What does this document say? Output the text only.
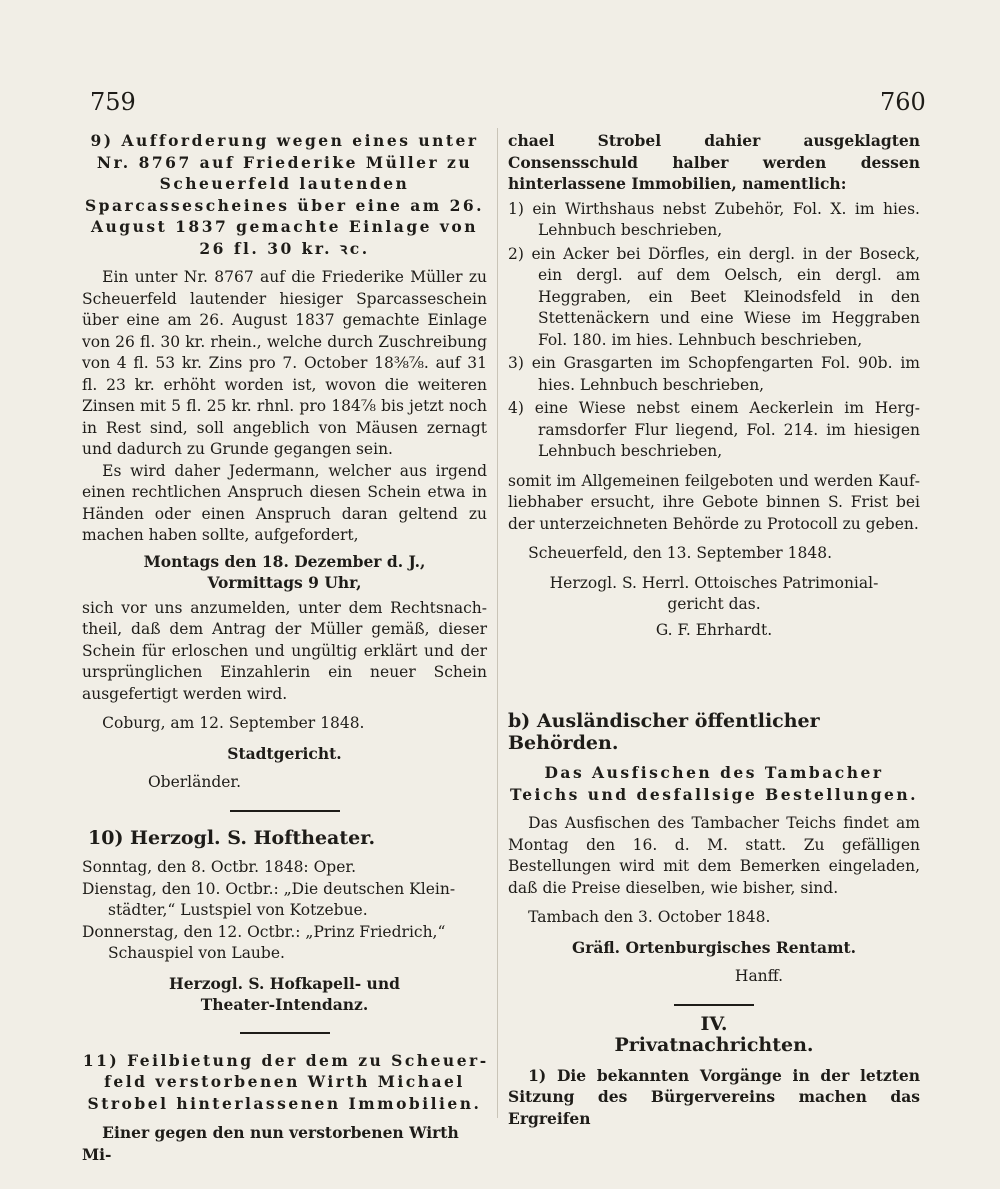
759	760

9) Aufforderung wegen eines unter Nr. 8767 auf Friederike Müller zu Scheuerfeld lautenden Sparcassescheines über eine am 26. August 1837 gemachte Einlage von 26 fl. 30 kr. ꝛc.

Ein unter Nr. 8767 auf die Friederike Müller zu Scheuerfeld lautender hiesiger Sparcasseschein über eine am 26. August 1837 gemachte Einlage von 26 fl. 30 kr. rhein., welche durch Zuschreibung von 4 fl. 53 kr. Zins pro 7. October 18⅜⅞. auf 31 fl. 23 kr. erhöht worden ist, wovon die weiteren Zinsen mit 5 fl. 25 kr. rhnl. pro 184⅞ bis jetzt noch in Rest sind, soll angeblich von Mäusen zernagt und dadurch zu Grunde gegangen sein.

Es wird daher Jedermann, welcher aus irgend einen rechtlichen Anspruch diesen Schein etwa in Händen oder einen Anspruch daran geltend zu machen haben sollte, aufgefordert,

Montags den 18. Dezember d. J.,

Vormittags 9 Uhr,

sich vor uns anzumelden, unter dem Rechtsnachtheil, daß dem Antrag der Müller gemäß, dieser Schein für erloschen und ungültig erklärt und der ursprünglichen Einzahlerin ein neuer Schein ausgefertigt werden wird.

Coburg, am 12. September 1848.

Stadtgericht.

Oberländer.

10) Herzogl. S. Hoftheater.

Sonntag, den 8. Octbr. 1848: Oper.

Dienstag, den 10. Octbr.: „Die deutschen Kleinstädter,“ Lustspiel von Kotzebue.

Donnerstag, den 12. Octbr.: „Prinz Friedrich,“ Schauspiel von Laube.

Herzogl. S. Hofkapell- und Theater-Intendanz.

11) Feilbietung der dem zu Scheuerfeld verstorbenen Wirth Michael Strobel hinterlassenen Immobilien.

Einer gegen den nun verstorbenen Wirth Mi-

chael Strobel dahier ausgeklagten Consensschuld halber werden dessen hinterlassene Immobilien, namentlich:

1) ein Wirthshaus nebst Zubehör, Fol. X. im hies. Lehnbuch beschrieben,

2) ein Acker bei Dörfles, ein dergl. in der Boseck, ein dergl. auf dem Oelsch, ein dergl. am Heggraben, ein Beet Kleinodsfeld in den Stettenäckern und eine Wiese im Heggraben Fol. 180. im hies. Lehnbuch beschrieben,

3) ein Grasgarten im Schopfengarten Fol. 90b. im hies. Lehnbuch beschrieben,

4) eine Wiese nebst einem Aeckerlein im Hergramsdorfer Flur liegend, Fol. 214. im hiesigen Lehnbuch beschrieben,

somit im Allgemeinen feilgeboten und werden Kaufliebhaber ersucht, ihre Gebote binnen S. Frist bei der unterzeichneten Behörde zu Protocoll zu geben.

Scheuerfeld, den 13. September 1848.

Herzogl. S. Herrl. Ottoisches Patrimonialgericht das.

G. F. Ehrhardt.

b) Ausländischer öffentlicher Behörden.

Das Ausfischen des Tambacher Teichs und desfallsige Bestellungen.

Das Ausfischen des Tambacher Teichs findet am Montag den 16. d. M. statt. Zu gefälligen Bestellungen wird mit dem Bemerken eingeladen, daß die Preise dieselben, wie bisher, sind.

Tambach den 3. October 1848.

Gräfl. Ortenburgisches Rentamt.

Hanff.

IV.

Privatnachrichten.

1) Die bekannten Vorgänge in der letzten Sitzung des Bürgervereins machen das Ergreifen
